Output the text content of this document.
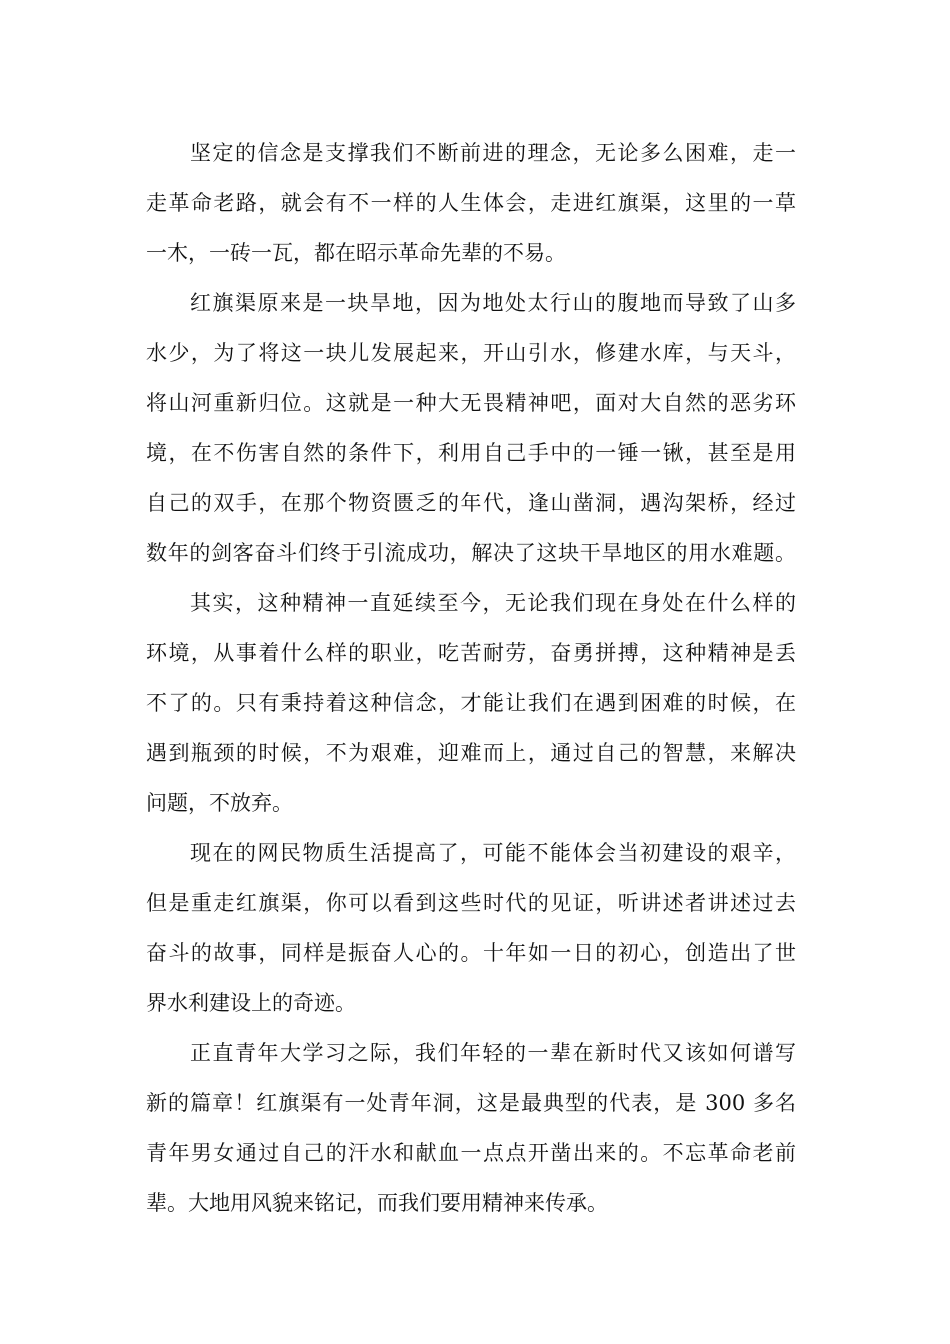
坚定的信念是支撑我们不断前进的理念，无论多么困难，走一
走革命老路，就会有不一样的人生体会，走进红旗渠，这里的一草
一木，一砖一瓦，都在昭示革命先辈的不易。
红旗渠原来是一块旱地，因为地处太行山的腹地而导致了山多
水少，为了将这一块儿发展起来，开山引水，修建水库，与天斗，
将山河重新归位。这就是一种大无畏精神吧，面对大自然的恶劣环
境，在不伤害自然的条件下，利用自己手中的一锤一锹，甚至是用
自己的双手，在那个物资匮乏的年代，逢山凿洞，遇沟架桥，经过
数年的剑客奋斗们终于引流成功，解决了这块干旱地区的用水难题。
其实，这种精神一直延续至今，无论我们现在身处在什么样的
环境，从事着什么样的职业，吃苦耐劳，奋勇拼搏，这种精神是丢
不了的。只有秉持着这种信念，才能让我们在遇到困难的时候，在
遇到瓶颈的时候，不为艰难，迎难而上，通过自己的智慧，来解决
问题，不放弃。
现在的网民物质生活提高了，可能不能体会当初建设的艰辛，
但是重走红旗渠，你可以看到这些时代的见证，听讲述者讲述过去
奋斗的故事，同样是振奋人心的。十年如一日的初心，创造出了世
界水利建设上的奇迹。
正直青年大学习之际，我们年轻的一辈在新时代又该如何谱写
新的篇章！红旗渠有一处青年洞，这是最典型的代表，是 300 多名
青年男女通过自己的汗水和献血一点点开凿出来的。不忘革命老前
辈。大地用风貌来铭记，而我们要用精神来传承。
